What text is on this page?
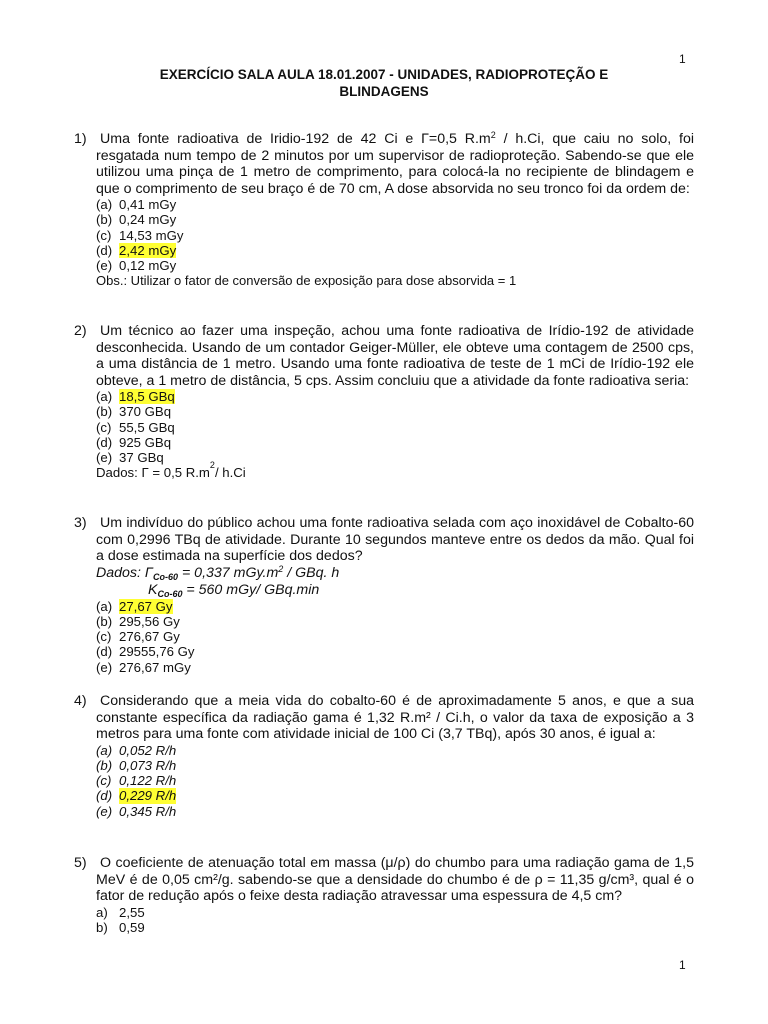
1
EXERCÍCIO SALA AULA 18.01.2007 - UNIDADES, RADIOPROTEÇÃO E
BLINDAGENS
1) Uma fonte radioativa de Iridio-192 de 42 Ci e Γ=0,5 $R.m^2 / h.Ci$, que caiu no solo, foi resgatada num tempo de 2 minutos por um supervisor de radioproteção. Sabendo-se que ele utilizou uma pinça de 1 metro de comprimento, para colocá-la no recipiente de blindagem e que o comprimento de seu braço é de 70 cm, A dose absorvida no seu tronco foi da ordem de:
(a) 0,41 mGy
(b) 0,24 mGy
(c) 14,53 mGy
(d) 2,42 mGy
(e) 0,12 mGy
Obs.: Utilizar o fator de conversão de exposição para dose absorvida = 1
2) Um técnico ao fazer uma inspeção, achou uma fonte radioativa de Irídio-192 de atividade desconhecida. Usando de um contador Geiger-Müller, ele obteve uma contagem de 2500 cps, a uma distância de 1 metro. Usando uma fonte radioativa de teste de 1 mCi de Irídio-192 ele obteve, a 1 metro de distância, 5 cps. Assim concluiu que a atividade da fonte radioativa seria:
(a) 18,5 GBq
(b) 370 GBq
(c) 55,5 GBq
(d) 925 GBq
(e) 37 GBq
Dados: Γ = 0,5 R.m 2 / h.Ci
3) Um indivíduo do público achou uma fonte radioativa selada com aço inoxidável de Cobalto-60 com 0,2996 TBq de atividade. Durante 10 segundos manteve entre os dedos da mão. Qual foi a dose estimada na superfície dos dedos?
Dados: $\Gamma_{Co-60} = 0,337$ $mGy.m^2$ / GBq. h
$K_{Co-60} = 560$ mGy/ GBq.min
(a) 27,67 Gy
(b) 295,56 Gy
(c) 276,67 Gy
(d) 29555,76 Gy
(e) 276,67 mGy
4) Considerando que a meia vida do cobalto-60 é de aproximadamente 5 anos, e que a sua constante específica da radiação gama é 1,32 R.m² / Ci.h, o valor da taxa de exposição a 3 metros para uma fonte com atividade inicial de 100 Ci (3,7 TBq), após 30 anos, é igual a:
(a) 0,052 R/h
(b) 0,073 R/h
(c) 0,122 R/h
(d) 0,229 R/h
(e) 0,345 R/h
5) O coeficiente de atenuação total em massa (μ/ρ) do chumbo para uma radiação gama de 1,5 MeV é de 0,05 cm²/g. sabendo-se que a densidade do chumbo é de ρ = 11,35 g/cm³, qual é o fator de redução após o feixe desta radiação atravessar uma espessura de 4,5 cm?
a) 2,55
b) 0,59
1
